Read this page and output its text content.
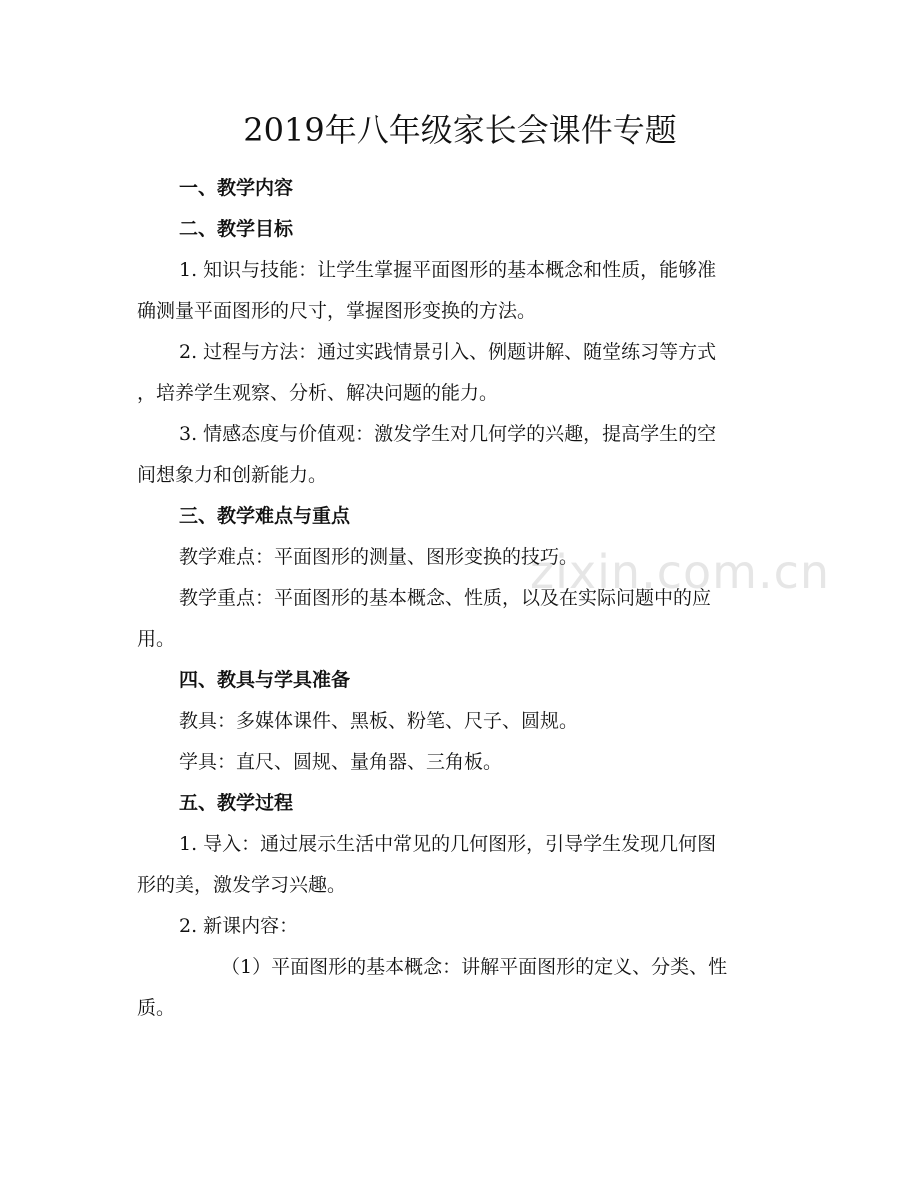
2019年八年级家长会课件专题
zixin.com.cn
一、教学内容
二、教学目标
1. 知识与技能：让学生掌握平面图形的基本概念和性质，能够准
确测量平面图形的尺寸，掌握图形变换的方法。
2. 过程与方法：通过实践情景引入、例题讲解、随堂练习等方式
，培养学生观察、分析、解决问题的能力。
3. 情感态度与价值观：激发学生对几何学的兴趣，提高学生的空
间想象力和创新能力。
三、教学难点与重点
教学难点：平面图形的测量、图形变换的技巧。
教学重点：平面图形的基本概念、性质，以及在实际问题中的应
用。
四、教具与学具准备
教具：多媒体课件、黑板、粉笔、尺子、圆规。
学具：直尺、圆规、量角器、三角板。
五、教学过程
1. 导入：通过展示生活中常见的几何图形，引导学生发现几何图
形的美，激发学习兴趣。
2. 新课内容：
（1）平面图形的基本概念：讲解平面图形的定义、分类、性
质。
